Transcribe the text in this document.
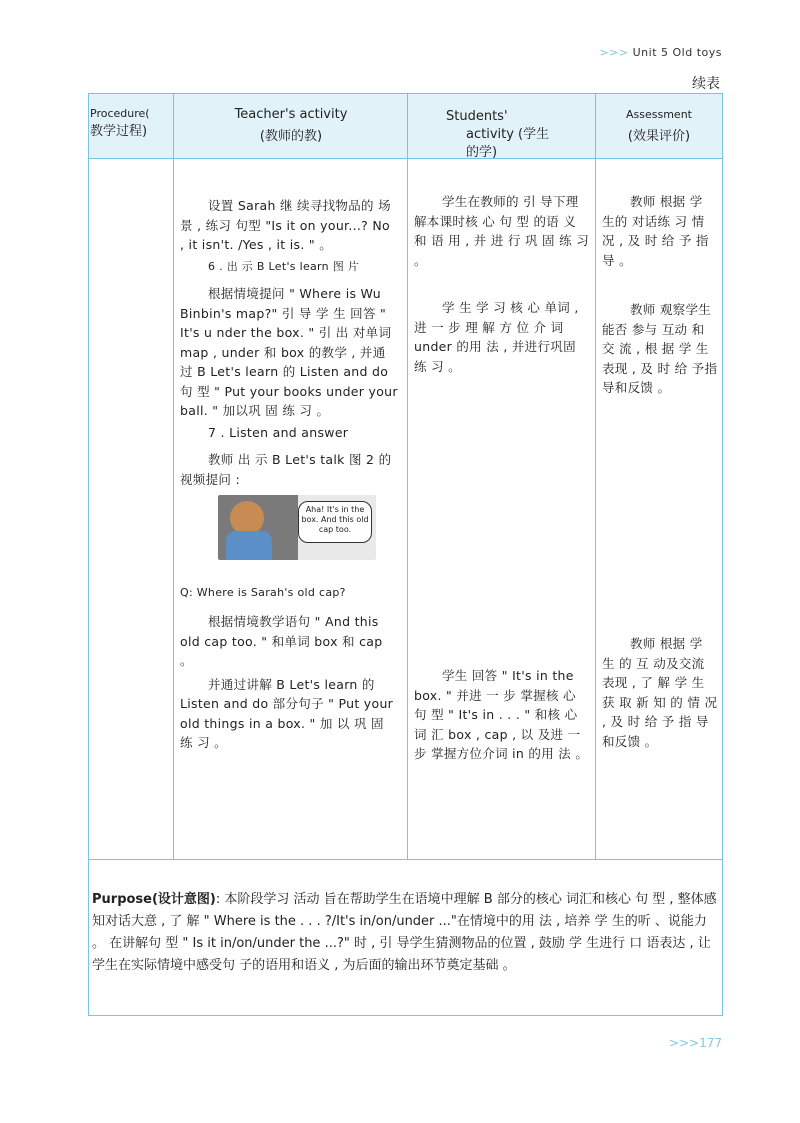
>>> Unit 5 Old toys
续表
Procedure(
教学过程)
Teacher's activity
(教师的教)
Students'
activity (学生
的学)
Assessment
(效果评价)

设置 Sarah 继 续寻找物品的 场景 , 练习 句型 "Is it on your...? No , it isn't. /Yes , it is. " 。

6 . 出 示 B Let's learn 图 片

根据情境提问 " Where is Wu Binbin's map?" 引 导 学 生 回答 " It's u nder the box. " 引 出 对单词 map , under 和 box 的教学 , 并通 过 B Let's learn 的 Listen and do 句 型 " Put your books under your ball. " 加以巩 固 练 习 。

7 . Listen and answer

教师 出 示 B Let's talk 图 2 的视频提问 :

Aha! It's in the box. And this old cap too.
Q: Where is Sarah's old cap?

根据情境教学语句 " And this old cap too. " 和单词 box 和 cap 。

并通过讲解 B Let's learn 的 Listen and do 部分句子 " Put your old things in a box. " 加 以 巩 固 练 习 。

学生在教师的 引 导下理解本课时核 心 句 型 的语 义 和 语 用 , 并 进 行 巩 固 练 习 。

学 生 学 习 核 心 单词 , 进 一 步 理 解 方 位 介 词 under 的用 法 , 并进行巩固 练 习 。

学生 回答 " It's in the box. " 并进 一 步 掌握核 心 句 型 " It's in . . . " 和核 心 词 汇 box , cap , 以 及进 一 步 掌握方位介词 in 的用 法 。

教师 根据 学 生的 对话练 习 情 况 , 及 时 给 予 指导 。

教师 观察学生能否 参与 互动 和 交 流 , 根 据 学 生 表现 , 及 时 给 予指导和反馈 。

教师 根据 学 生 的 互 动及交流 表现 , 了 解 学 生 获 取 新 知 的 情 况 , 及 时 给 予 指 导和反馈 。

Purpose(设计意图): 本阶段学习 活动 旨在帮助学生在语境中理解 B 部分的核心 词汇和核心 句 型 , 整体感知对话大意 , 了 解 " Where is the . . . ?/It's in/on/under ..."在情境中的用 法 , 培养 学 生的听 、说能力 。 在讲解句 型 " Is it in/on/under the ...?" 时 , 引 导学生猜测物品的位置 , 鼓励 学 生进行 口 语表达 , 让学生在实际情境中感受句 子的语用和语义 , 为后面的输出环节奠定基础 。
>>>177
